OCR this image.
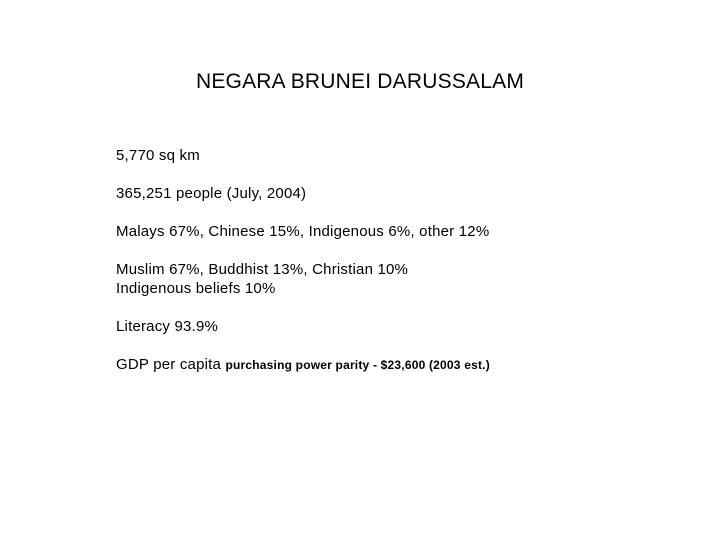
NEGARA BRUNEI DARUSSALAM

5,770 sq km

365,251 people (July, 2004)

Malays 67%, Chinese 15%, Indigenous 6%, other 12%

Muslim 67%, Buddhist 13%, Christian 10%
Indigenous beliefs 10%

Literacy 93.9%

GDP per capita purchasing power parity - $23,600 (2003 est.)
